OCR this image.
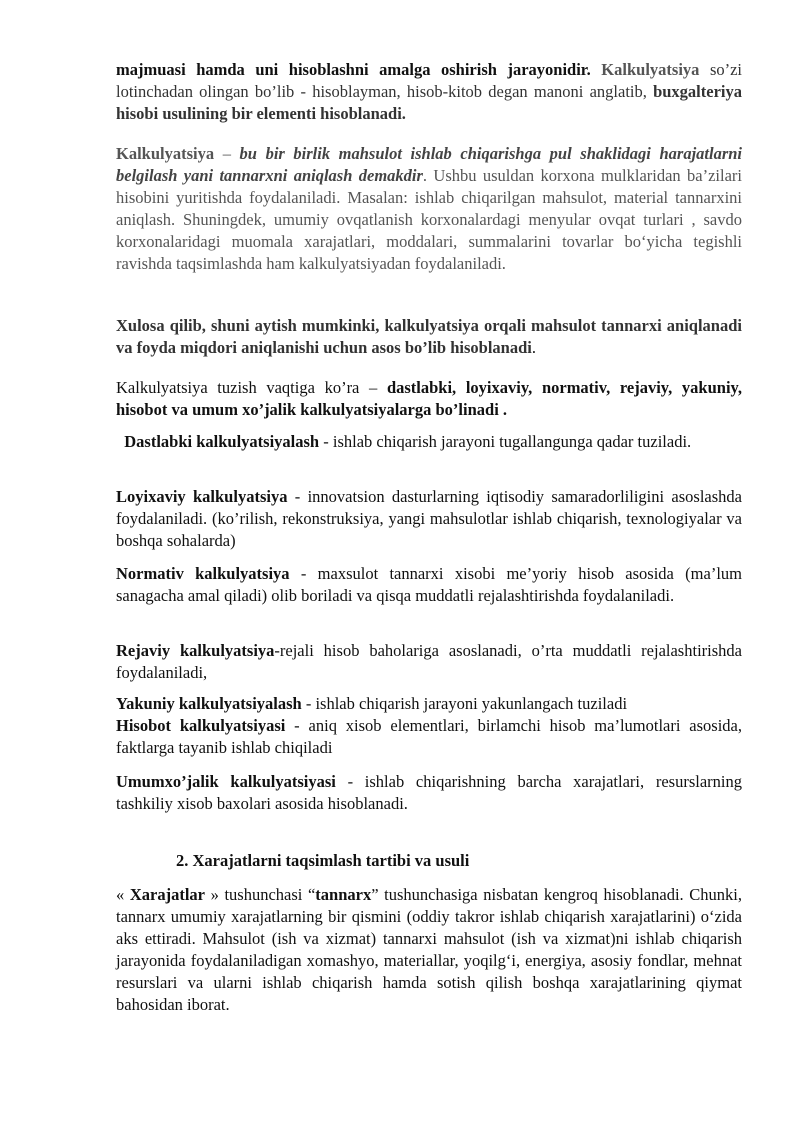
majmuasi hamda uni hisoblashni amalga oshirish jarayonidir. Kalkulyatsiya so’zi lotinchadan olingan bo’lib - hisoblayman, hisob-kitob degan manoni anglatib, buxgalteriya hisobi usulining bir elementi hisoblanadi.

Kalkulyatsiya – bu bir birlik mahsulot ishlab chiqarishga pul shaklidagi harajatlarni belgilash yani tannarxni aniqlash demakdir. Ushbu usuldan korxona mulklaridan ba’zilari hisobini yuritishda foydalaniladi. Masalan: ishlab chiqarilgan mahsulot, material tannarxini aniqlash. Shuningdek, umumiy ovqatlanish korxonalardagi menyular ovqat turlari , savdo korxonalaridagi muomala xarajatlari, moddalari, summalarini tovarlar bo‘yicha tegishli ravishda taqsimlashda ham kalkulyatsiyadan foydalaniladi.

Xulosa qilib, shuni aytish mumkinki, kalkulyatsiya orqali mahsulot tannarxi aniqlanadi va foyda miqdori aniqlanishi uchun asos bo’lib hisoblanadi.

Kalkulyatsiya tuzish vaqtiga ko’ra – dastlabki, loyixaviy, normativ, rejaviy, yakuniy, hisobot va umum xo’jalik kalkulyatsiyalarga bo’linadi .

Dastlabki kalkulyatsiyalash - ishlab chiqarish jarayoni tugallangunga qadar tuziladi.

Loyixaviy kalkulyatsiya - innovatsion dasturlarning iqtisodiy samaradorliligini asoslashda foydalaniladi. (ko’rilish, rekonstruksiya, yangi mahsulotlar ishlab chiqarish, texnologiyalar va boshqa sohalarda)

Normativ kalkulyatsiya - maxsulot tannarxi xisobi me’yoriy hisob asosida (ma’lum sanagacha amal qiladi) olib boriladi va qisqa muddatli rejalashtirishda foydalaniladi.

Rejaviy kalkulyatsiya-rejali hisob baholariga asoslanadi, o’rta muddatli rejalashtirishda foydalaniladi,

Yakuniy kalkulyatsiyalash - ishlab chiqarish jarayoni yakunlangach tuziladi
Hisobot kalkulyatsiyasi - aniq xisob elementlari, birlamchi hisob ma’lumotlari asosida, faktlarga tayanib ishlab chiqiladi

Umumxo’jalik kalkulyatsiyasi - ishlab chiqarishning barcha xarajatlari, resurslarning tashkiliy xisob baxolari asosida hisoblanadi.

2. Xarajatlarni taqsimlash tartibi va usuli

« Xarajatlar » tushunchasi “tannarx” tushunchasiga nisbatan kengroq hisoblanadi. Chunki, tannarx umumiy xarajatlarning bir qismini (oddiy takror ishlab chiqarish xarajatlarini) o‘zida aks ettiradi. Mahsulot (ish va xizmat) tannarxi mahsulot (ish va xizmat)ni ishlab chiqarish jarayonida foydalaniladigan xomashyo, materiallar, yoqilg‘i, energiya, asosiy fondlar, mehnat resurslari va ularni ishlab chiqarish hamda sotish qilish boshqa xarajatlarining qiymat bahosidan iborat.
